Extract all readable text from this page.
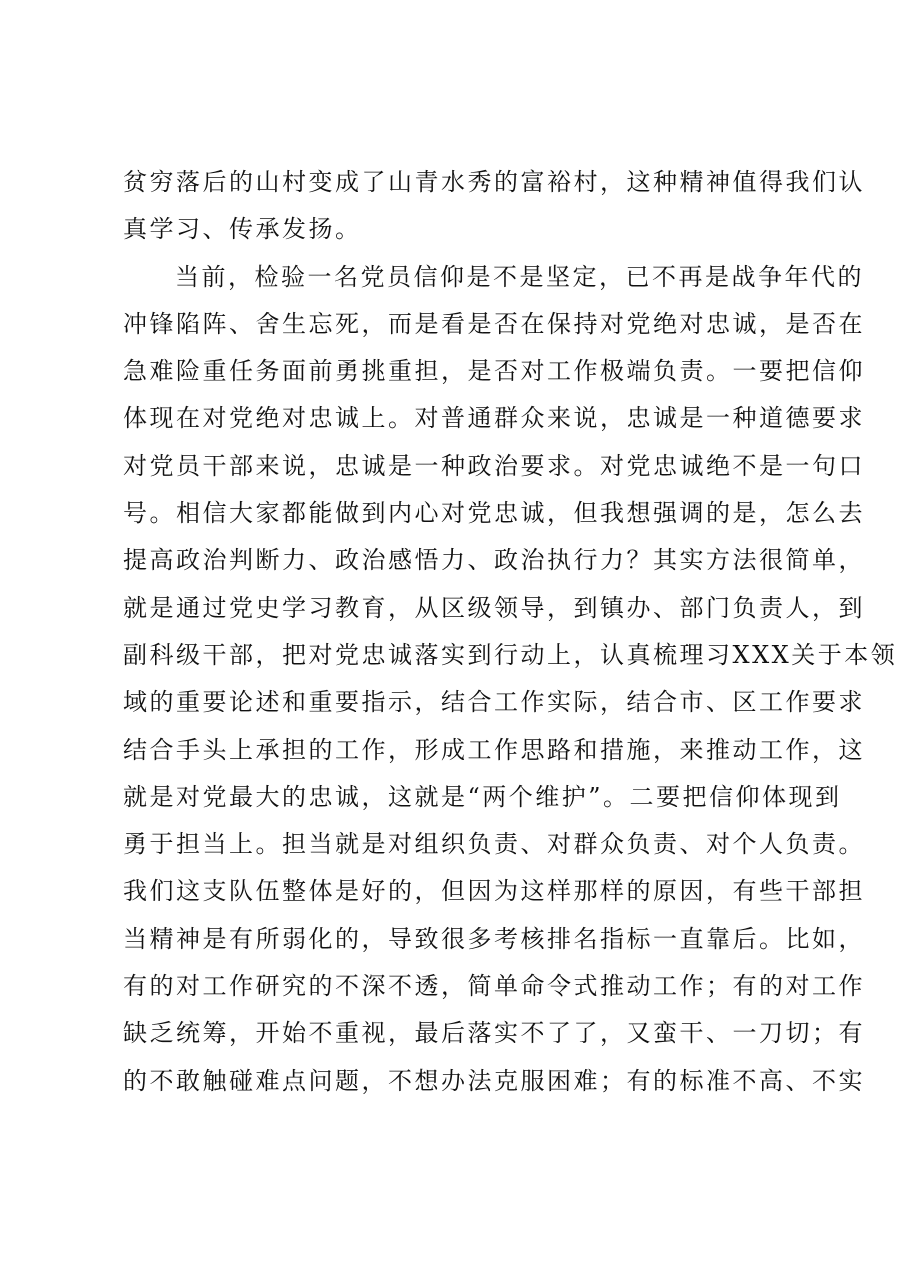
贫穷落后的山村变成了山青水秀的富裕村，这种精神值得我们认
真学习、传承发扬。
当前，检验一名党员信仰是不是坚定，已不再是战争年代的
冲锋陷阵、舍生忘死，而是看是否在保持对党绝对忠诚，是否在
急难险重任务面前勇挑重担，是否对工作极端负责。一要把信仰
体现在对党绝对忠诚上。对普通群众来说，忠诚是一种道德要求
对党员干部来说，忠诚是一种政治要求。对党忠诚绝不是一句口
号。相信大家都能做到内心对党忠诚，但我想强调的是，怎么去
提高政治判断力、政治感悟力、政治执行力？其实方法很简单，
就是通过党史学习教育，从区级领导，到镇办、部门负责人，到
副科级干部，把对党忠诚落实到行动上，认真梳理习XXX关于本领
域的重要论述和重要指示，结合工作实际，结合市、区工作要求
结合手头上承担的工作，形成工作思路和措施，来推动工作，这
就是对党最大的忠诚，这就是“两个维护”。二要把信仰体现到
勇于担当上。担当就是对组织负责、对群众负责、对个人负责。
我们这支队伍整体是好的，但因为这样那样的原因，有些干部担
当精神是有所弱化的，导致很多考核排名指标一直靠后。比如，
有的对工作研究的不深不透，简单命令式推动工作；有的对工作
缺乏统筹，开始不重视，最后落实不了了，又蛮干、一刀切；有
的不敢触碰难点问题，不想办法克服困难；有的标准不高、不实
